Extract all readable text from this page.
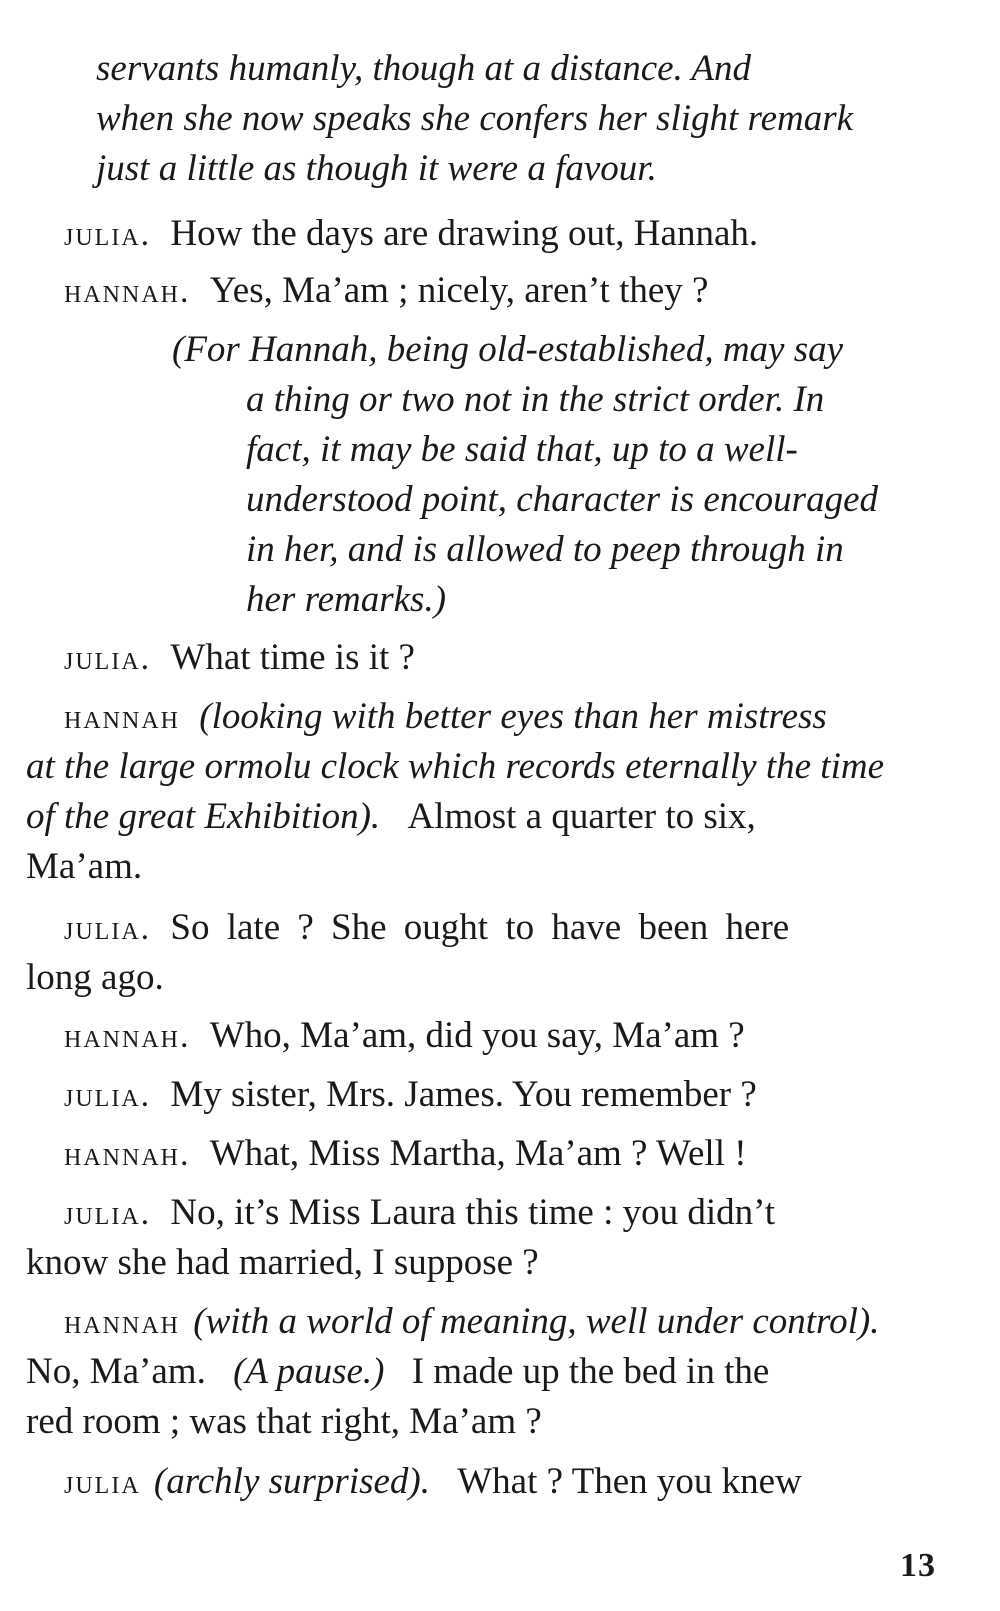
servants humanly, though at a distance. And

when she now speaks she confers her slight remark

just a little as though it were a favour.

julia. How the days are drawing out, Hannah.

hannah. Yes, Ma’am ; nicely, aren’t they ?

(For Hannah, being old-established, may say

a thing or two not in the strict order. In

fact, it may be said that, up to a well-

understood point, character is encouraged

in her, and is allowed to peep through in

her remarks.)

julia. What time is it ?

hannah (looking with better eyes than her mistress

at the large ormolu clock which records eternally the time

of the great Exhibition). Almost a quarter to six,

Ma’am.

julia. So late ? She ought to have been here

long ago.

hannah. Who, Ma’am, did you say, Ma’am ?

julia. My sister, Mrs. James. You remember ?

hannah. What, Miss Martha, Ma’am ? Well !

julia. No, it’s Miss Laura this time : you didn’t

know she had married, I suppose ?

hannah (with a world of meaning, well under control).

No, Ma’am. (A pause.) I made up the bed in the

red room ; was that right, Ma’am ?

julia (archly surprised). What ? Then you knew

13
